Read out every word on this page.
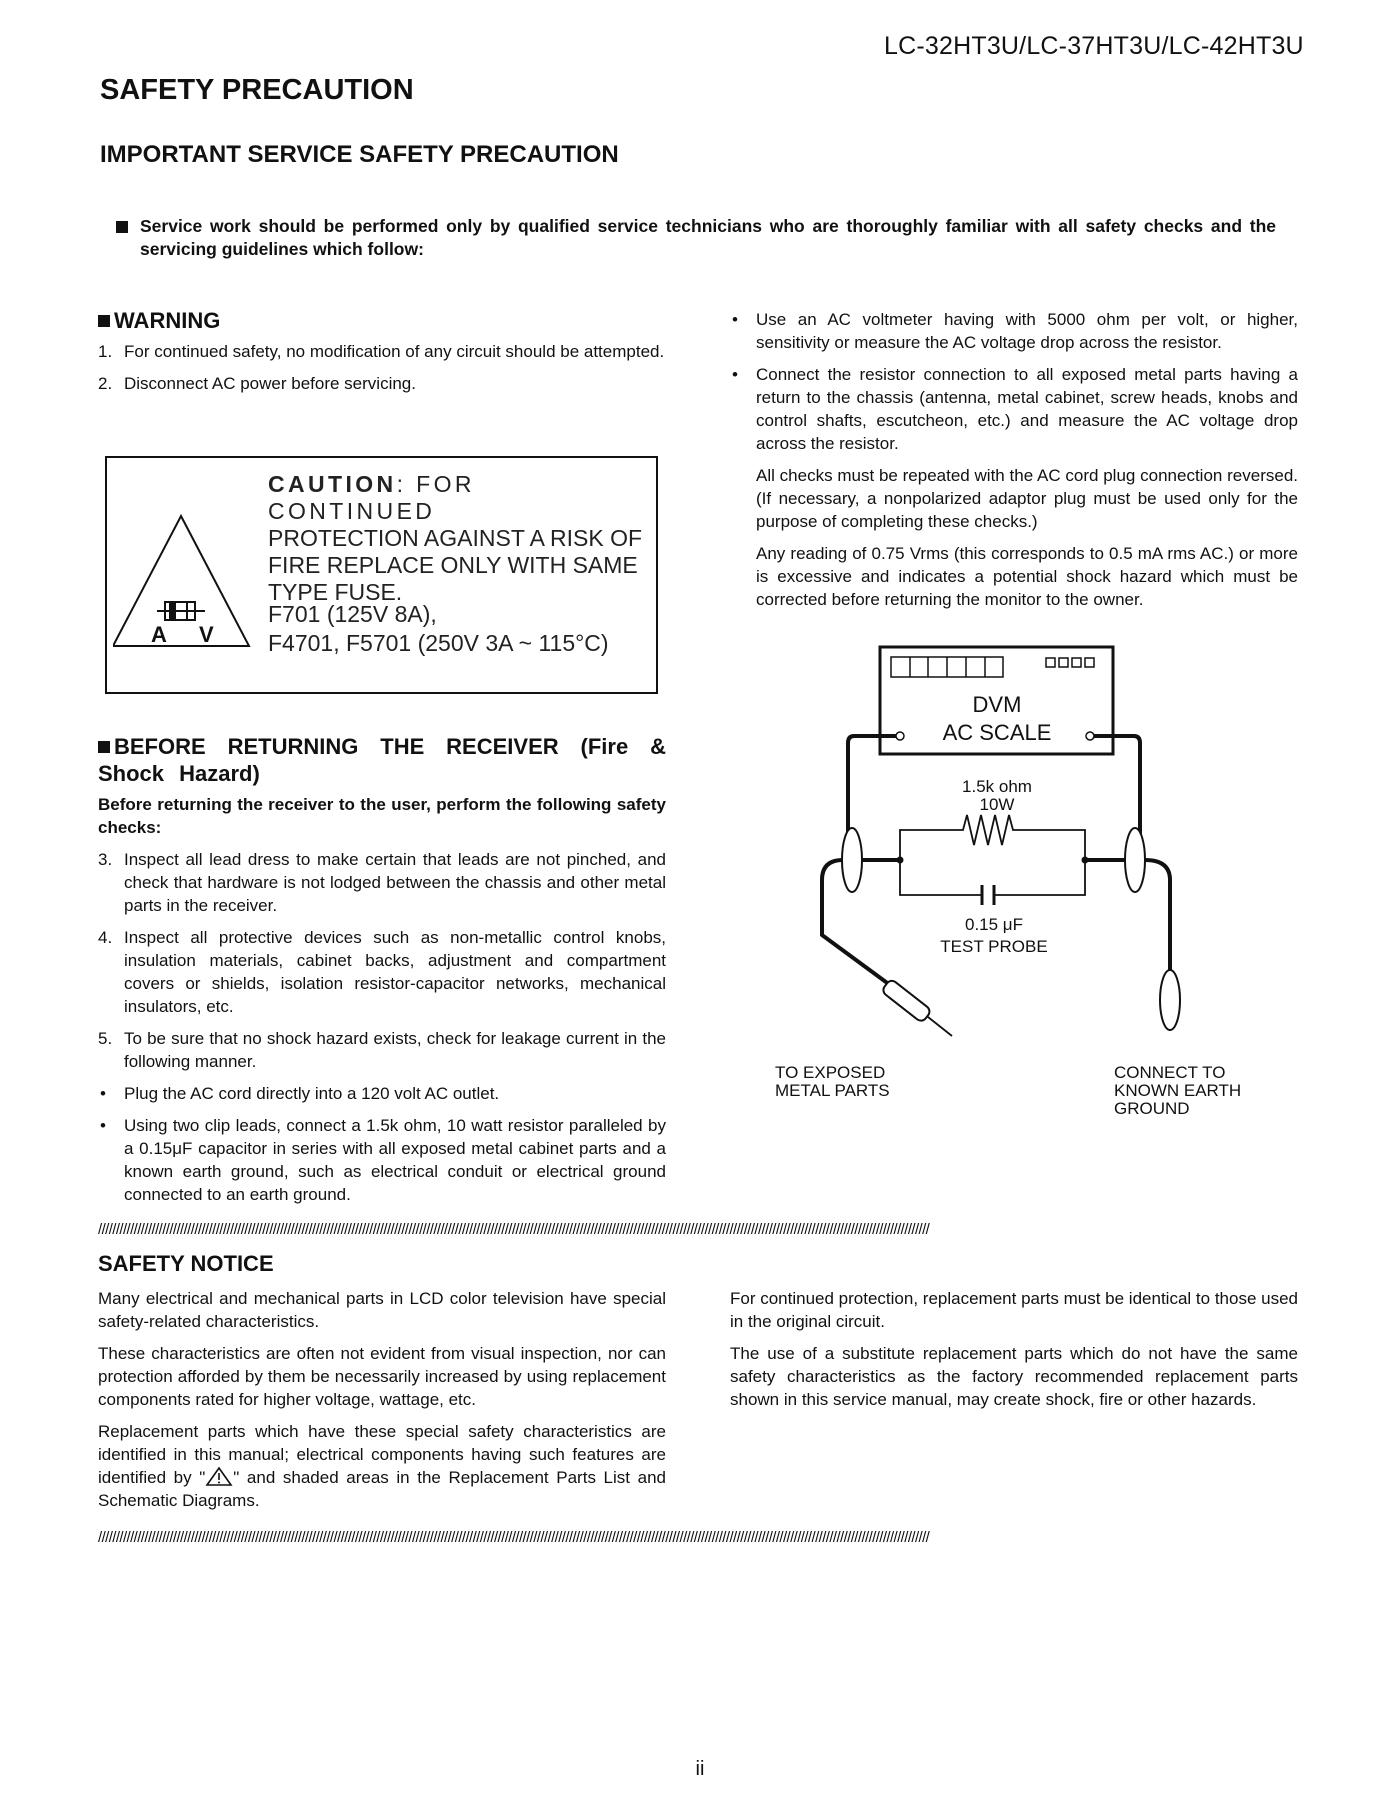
LC-32HT3U/LC-37HT3U/LC-42HT3U
SAFETY PRECAUTION
IMPORTANT SERVICE SAFETY PRECAUTION
Service work should be performed only by qualified service technicians who are thoroughly familiar with all safety checks and the servicing guidelines which follow:
WARNING
1. For continued safety, no modification of any circuit should be attempted.
2. Disconnect AC power before servicing.
A V
CAUTION: FOR CONTINUED
PROTECTION AGAINST A RISK OF
FIRE REPLACE ONLY WITH SAME
TYPE FUSE.
F701 (125V 8A),
F4701, F5701 (250V 3A ~ 115°C)
BEFORE RETURNING THE RECEIVER (Fire & Shock Hazard)
Before returning the receiver to the user, perform the following safety checks:
3. Inspect all lead dress to make certain that leads are not pinched, and check that hardware is not lodged between the chassis and other metal parts in the receiver.
4. Inspect all protective devices such as non-metallic control knobs, insulation materials, cabinet backs, adjustment and compartment covers or shields, isolation resistor-capacitor networks, mechanical insulators, etc.
5. To be sure that no shock hazard exists, check for leakage current in the following manner.
• Plug the AC cord directly into a 120 volt AC outlet.
• Using two clip leads, connect a 1.5k ohm, 10 watt resistor paralleled by a 0.15μF capacitor in series with all exposed metal cabinet parts and a known earth ground, such as electrical conduit or electrical ground connected to an earth ground.
• Use an AC voltmeter having with 5000 ohm per volt, or higher, sensitivity or measure the AC voltage drop across the resistor.
• Connect the resistor connection to all exposed metal parts having a return to the chassis (antenna, metal cabinet, screw heads, knobs and control shafts, escutcheon, etc.) and measure the AC voltage drop across the resistor.
All checks must be repeated with the AC cord plug connection reversed. (If necessary, a nonpolarized adaptor plug must be used only for the purpose of completing these checks.)
Any reading of 0.75 Vrms (this corresponds to 0.5 mA rms AC.) or more is excessive and indicates a potential shock hazard which must be corrected before returning the monitor to the owner.
DVM
AC SCALE
1.5k ohm
10W
0.15 μF
TEST PROBE
TO EXPOSED
METAL PARTS
CONNECT TO
KNOWN EARTH
GROUND
/////////////////////////////////////////////////////////////////////////////////////////////////////////////////////////////////////////////////////////////////////////////////////////////////////////////////////////////////////////
SAFETY NOTICE
Many electrical and mechanical parts in LCD color television have special safety-related characteristics.
These characteristics are often not evident from visual inspection, nor can protection afforded by them be necessarily increased by using replacement components rated for higher voltage, wattage, etc.
Replacement parts which have these special safety characteristics are identified in this manual; electrical components having such features are identified by " " and shaded areas in the Replacement Parts List and Schematic Diagrams.
For continued protection, replacement parts must be identical to those used in the original circuit.
The use of a substitute replacement parts which do not have the same safety characteristics as the factory recommended replacement parts shown in this service manual, may create shock, fire or other hazards.
/////////////////////////////////////////////////////////////////////////////////////////////////////////////////////////////////////////////////////////////////////////////////////////////////////////////////////////////////////////
ii
